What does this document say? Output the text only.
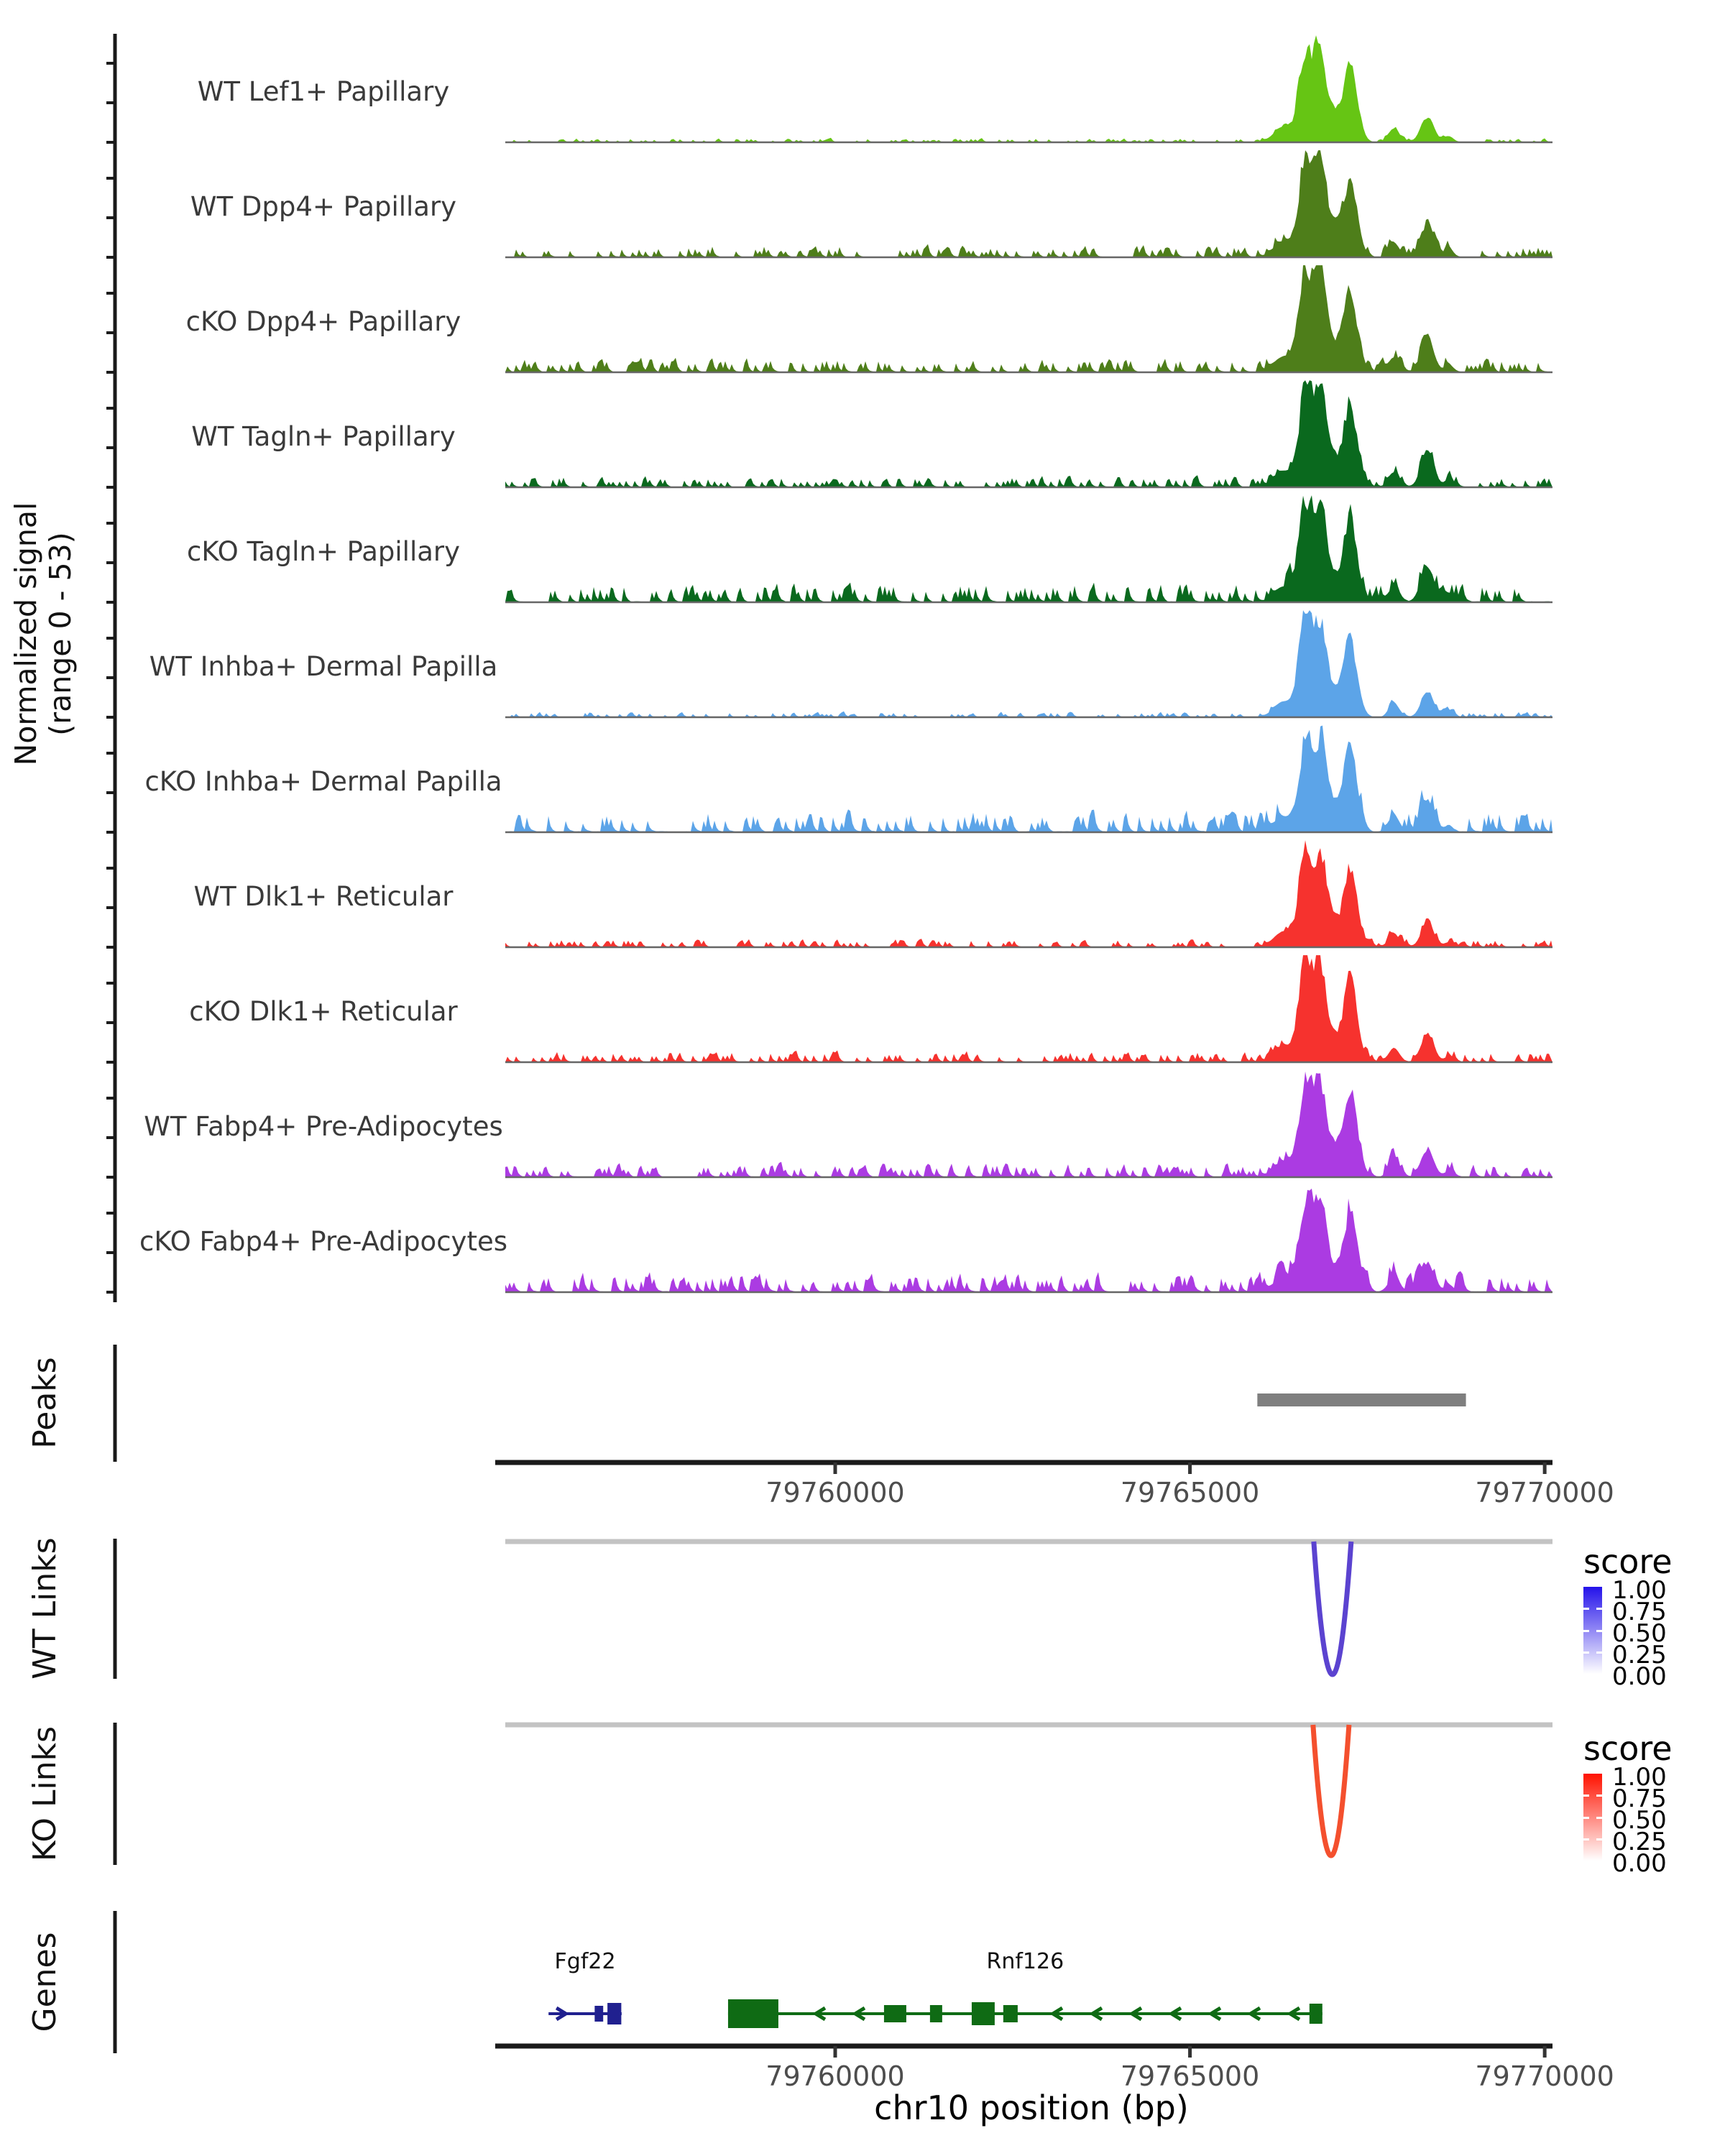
Normalized signal (range 0 - 53)
Peaks
WT Links
KO Links
Genes
chr10 position (bp)
score
1.00
0.75
0.50
0.25
0.00
score
1.00
0.75
0.50
0.25
0.00
WT Lef1+ Papillary
WT Dpp4+ Papillary
cKO Dpp4+ Papillary
WT Tagln+ Papillary
cKO Tagln+ Papillary
WT Inhba+ Dermal Papilla
cKO Inhba+ Dermal Papilla
WT Dlk1+ Reticular
cKO Dlk1+ Reticular
WT Fabp4+ Pre-Adipocytes
cKO Fabp4+ Pre-Adipocytes
79760000	79765000	79770000
79760000	79765000	79770000
Fgf22	Rnf126
